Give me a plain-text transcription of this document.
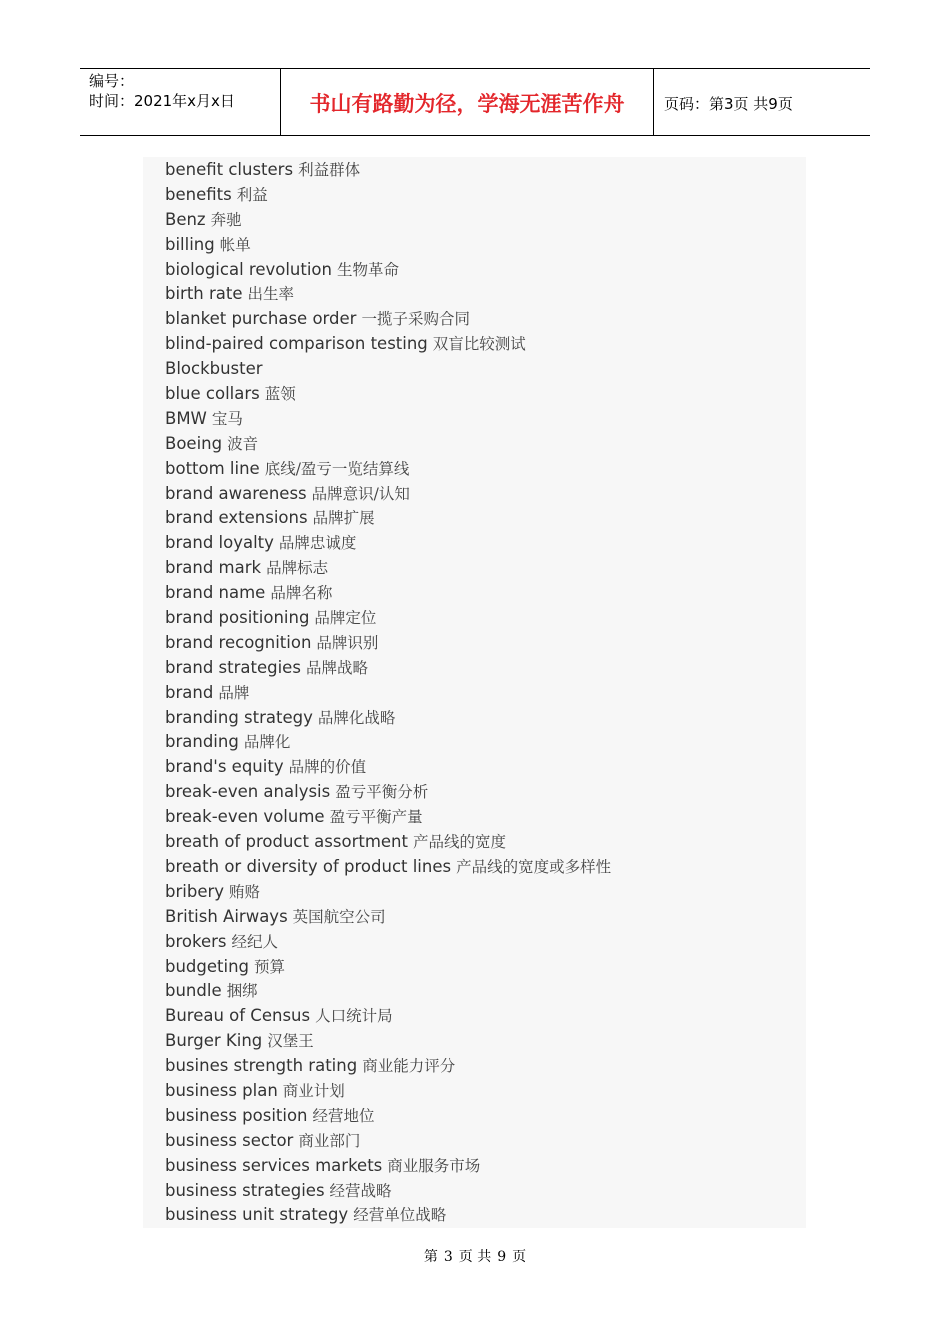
编号：
时间：2021年x月x日	书山有路勤为径，学海无涯苦作舟	页码：第3页 共9页
benefit clusters 利益群体
benefits 利益
Benz 奔驰
billing 帐单
biological revolution 生物革命
birth rate 出生率
blanket purchase order 一揽子采购合同
blind-paired comparison testing 双盲比较测试
Blockbuster
blue collars 蓝领
BMW 宝马
Boeing 波音
bottom line 底线/盈亏一览结算线
brand awareness 品牌意识/认知
brand extensions 品牌扩展
brand loyalty 品牌忠诚度
brand mark 品牌标志
brand name 品牌名称
brand positioning 品牌定位
brand recognition 品牌识别
brand strategies 品牌战略
brand 品牌
branding strategy 品牌化战略
branding 品牌化
brand's equity 品牌的价值
break-even analysis 盈亏平衡分析
break-even volume 盈亏平衡产量
breath of product assortment 产品线的宽度
breath or diversity of product lines 产品线的宽度或多样性
bribery 贿赂
British Airways 英国航空公司
brokers 经纪人
budgeting 预算
bundle 捆绑
Bureau of Census 人口统计局
Burger King 汉堡王
busines strength rating 商业能力评分
business plan 商业计划
business position 经营地位
business sector 商业部门
business services markets 商业服务市场
business strategies 经营战略
business unit strategy 经营单位战略
第 3 页 共 9 页
